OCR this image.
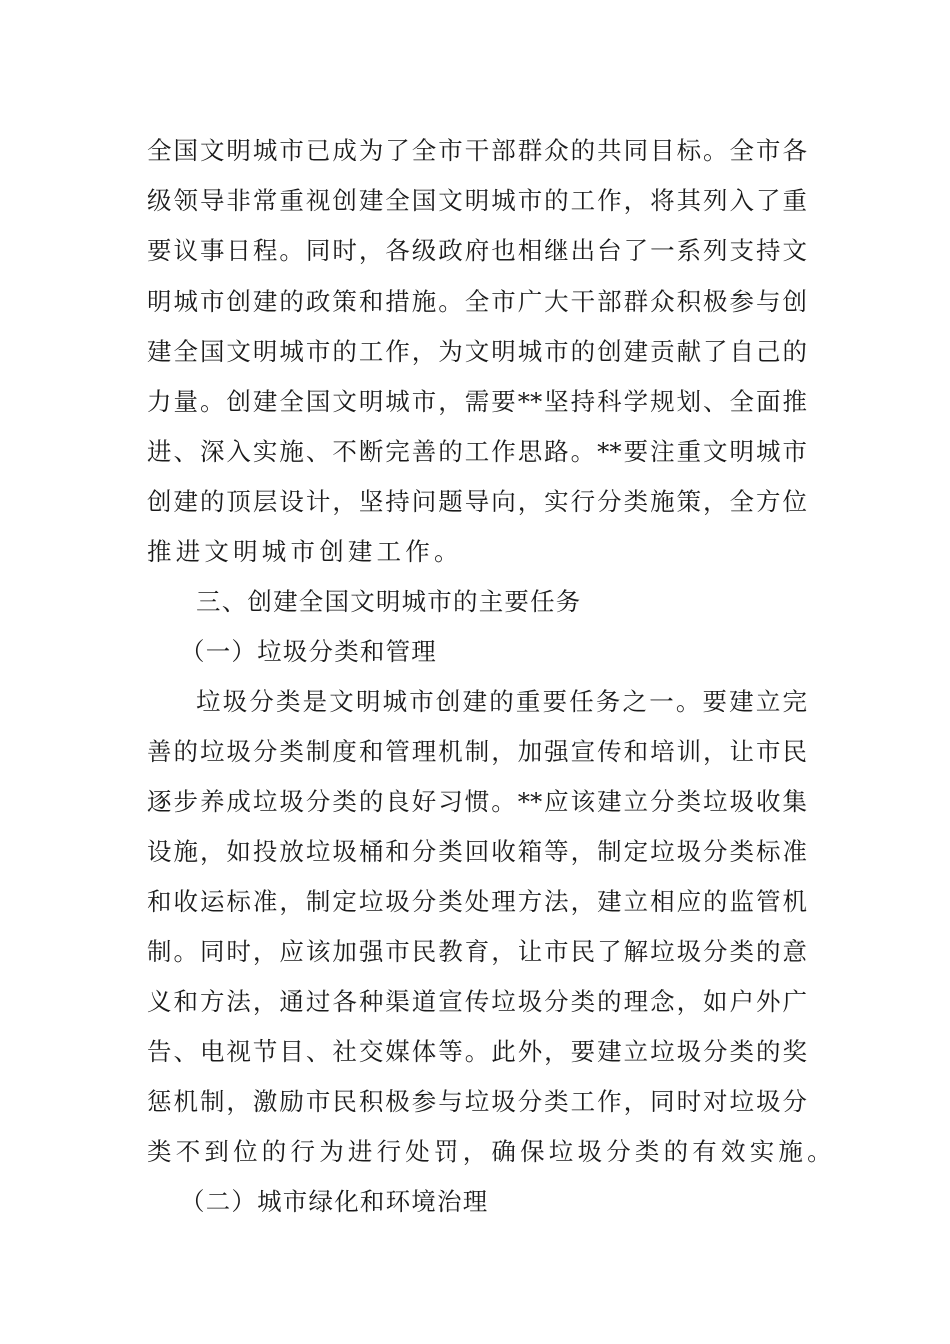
全国文明城市已成为了全市干部群众的共同目标。全市各
级领导非常重视创建全国文明城市的工作，将其列入了重
要议事日程。同时，各级政府也相继出台了一系列支持文
明城市创建的政策和措施。全市广大干部群众积极参与创
建全国文明城市的工作，为文明城市的创建贡献了自己的
力量。创建全国文明城市，需要**坚持科学规划、全面推
进、深入实施、不断完善的工作思路。**要注重文明城市
创建的顶层设计，坚持问题导向，实行分类施策，全方位
推进文明城市创建工作。
三、创建全国文明城市的主要任务
（一）垃圾分类和管理
垃圾分类是文明城市创建的重要任务之一。要建立完
善的垃圾分类制度和管理机制，加强宣传和培训，让市民
逐步养成垃圾分类的良好习惯。**应该建立分类垃圾收集
设施，如投放垃圾桶和分类回收箱等，制定垃圾分类标准
和收运标准，制定垃圾分类处理方法，建立相应的监管机
制。同时，应该加强市民教育，让市民了解垃圾分类的意
义和方法，通过各种渠道宣传垃圾分类的理念，如户外广
告、电视节目、社交媒体等。此外，要建立垃圾分类的奖
惩机制，激励市民积极参与垃圾分类工作，同时对垃圾分
类不到位的行为进行处罚，确保垃圾分类的有效实施。
（二）城市绿化和环境治理
